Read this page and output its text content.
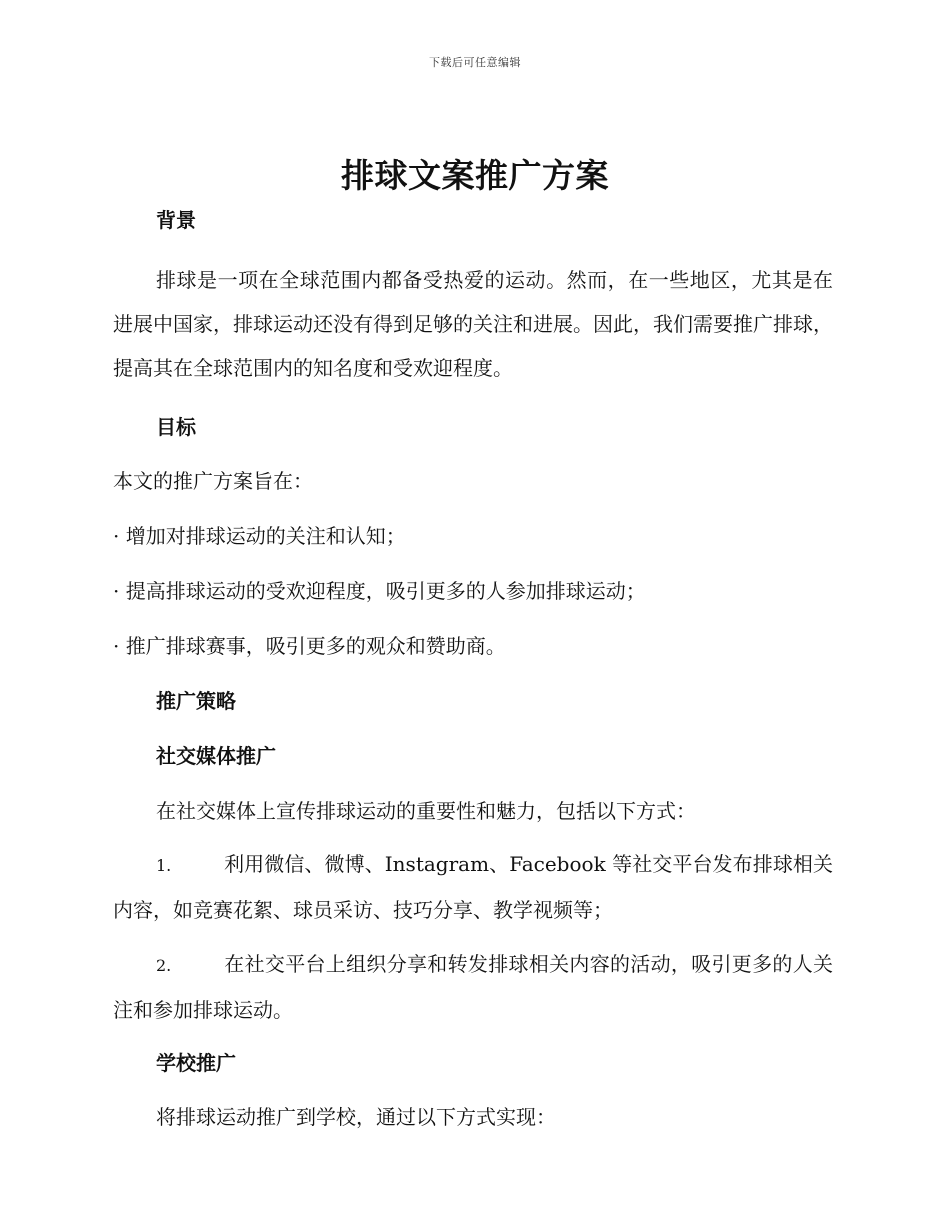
下载后可任意编辑
排球文案推广方案

背景

排球是一项在全球范围内都备受热爱的运动。然而，在一些地区，尤其是在进展中国家，排球运动还没有得到足够的关注和进展。因此，我们需要推广排球，提高其在全球范围内的知名度和受欢迎程度。

目标

本文的推广方案旨在：

· 增加对排球运动的关注和认知；

· 提高排球运动的受欢迎程度，吸引更多的人参加排球运动；

· 推广排球赛事，吸引更多的观众和赞助商。

推广策略

社交媒体推广

在社交媒体上宣传排球运动的重要性和魅力，包括以下方式：

1.	利用微信、微博、Instagram、Facebook 等社交平台发布排球相关内容，如竞赛花絮、球员采访、技巧分享、教学视频等；

2.	在社交平台上组织分享和转发排球相关内容的活动，吸引更多的人关注和参加排球运动。

学校推广

将排球运动推广到学校，通过以下方式实现：
